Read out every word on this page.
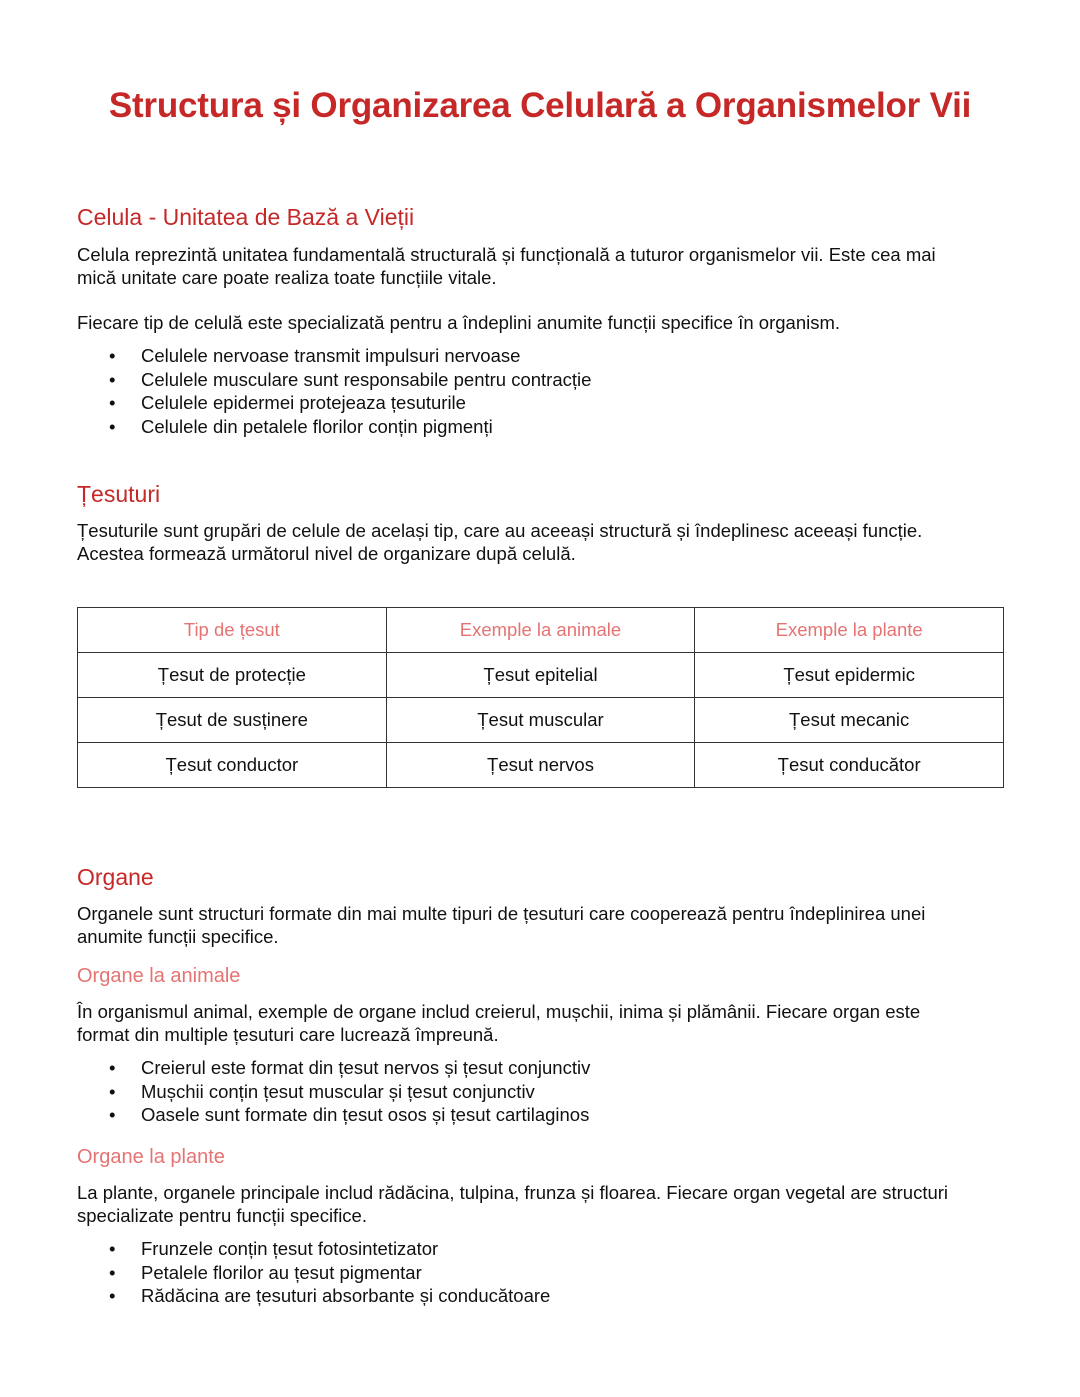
Structura și Organizarea Celulară a Organismelor Vii
Celula - Unitatea de Bază a Vieții
Celula reprezintă unitatea fundamentală structurală și funcțională a tuturor organismelor vii. Este cea mai
mică unitate care poate realiza toate funcțiile vitale.

Fiecare tip de celulă este specializată pentru a îndeplini anumite funcții specifice în organism.

• Celulele nervoase transmit impulsuri nervoase
• Celulele musculare sunt responsabile pentru contracție
• Celulele epidermei protejeaza țesuturile
• Celulele din petalele florilor conțin pigmenți
Țesuturi
Țesuturile sunt grupări de celule de același tip, care au aceeași structură și îndeplinesc aceeași funcție.
Acestea formează următorul nivel de organizare după celulă.
Tip de țesut	Exemple la animale	Exemple la plante
Țesut de protecție	Țesut epitelial	Țesut epidermic
Țesut de susținere	Țesut muscular	Țesut mecanic
Țesut conductor	Țesut nervos	Țesut conducător
Organe
Organele sunt structuri formate din mai multe tipuri de țesuturi care cooperează pentru îndeplinirea unei
anumite funcții specifice.
Organe la animale
În organismul animal, exemple de organe includ creierul, mușchii, inima și plămânii. Fiecare organ este
format din multiple țesuturi care lucrează împreună.
• Creierul este format din țesut nervos și țesut conjunctiv
• Mușchii conțin țesut muscular și țesut conjunctiv
• Oasele sunt formate din țesut osos și țesut cartilaginos
Organe la plante
La plante, organele principale includ rădăcina, tulpina, frunza și floarea. Fiecare organ vegetal are structuri
specializate pentru funcții specifice.
• Frunzele conțin țesut fotosintetizator
• Petalele florilor au țesut pigmentar
• Rădăcina are țesuturi absorbante și conducătoare
